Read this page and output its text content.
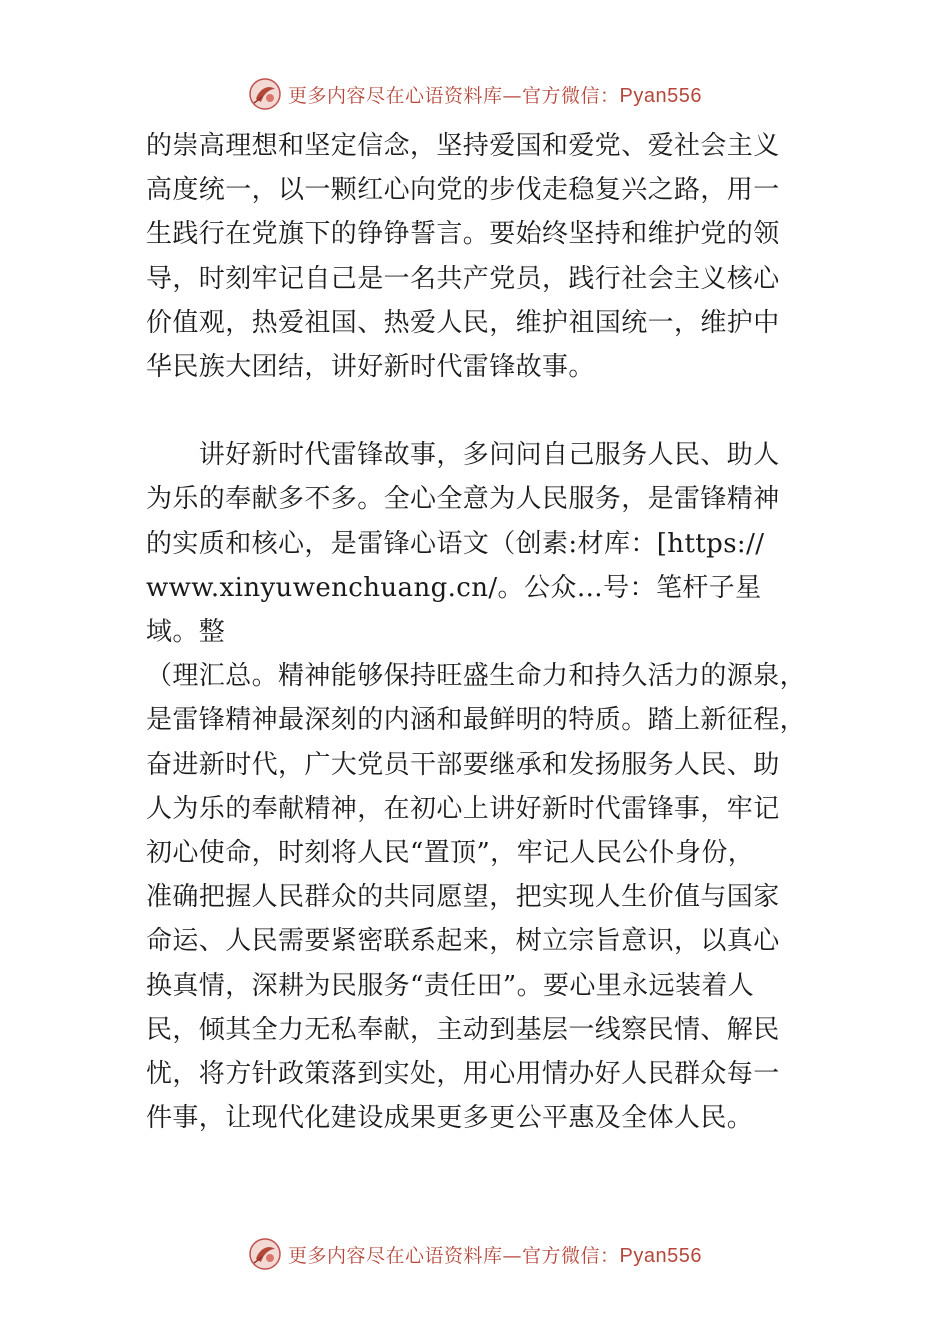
更多内容尽在心语资料库—官方微信：Pyan556

的崇高理想和坚定信念，坚持爱国和爱党、爱社会主义
高度统一，以一颗红心向党的步伐走稳复兴之路，用一
生践行在党旗下的铮铮誓言。要始终坚持和维护党的领
导，时刻牢记自己是一名共产党员，践行社会主义核心
价值观，热爱祖国、热爱人民，维护祖国统一，维护中
华民族大团结，讲好新时代雷锋故事。

　　讲好新时代雷锋故事，多问问自己服务人民、助人
为乐的奉献多不多。全心全意为人民服务，是雷锋精神
的实质和核心，是雷锋心语文（创素:材库：[https://
www.xinyuwenchuang.cn/。公众…号：笔杆子星域。整
（理汇总。精神能够保持旺盛生命力和持久活力的源泉，
是雷锋精神最深刻的内涵和最鲜明的特质。踏上新征程，
奋进新时代，广大党员干部要继承和发扬服务人民、助
人为乐的奉献精神，在初心上讲好新时代雷锋事，牢记
初心使命，时刻将人民“置顶”，牢记人民公仆身份，
准确把握人民群众的共同愿望，把实现人生价值与国家
命运、人民需要紧密联系起来，树立宗旨意识，以真心
换真情，深耕为民服务“责任田”。要心里永远装着人
民，倾其全力无私奉献，主动到基层一线察民情、解民
忧，将方针政策落到实处，用心用情办好人民群众每一
件事，让现代化建设成果更多更公平惠及全体人民。

更多内容尽在心语资料库—官方微信：Pyan556
